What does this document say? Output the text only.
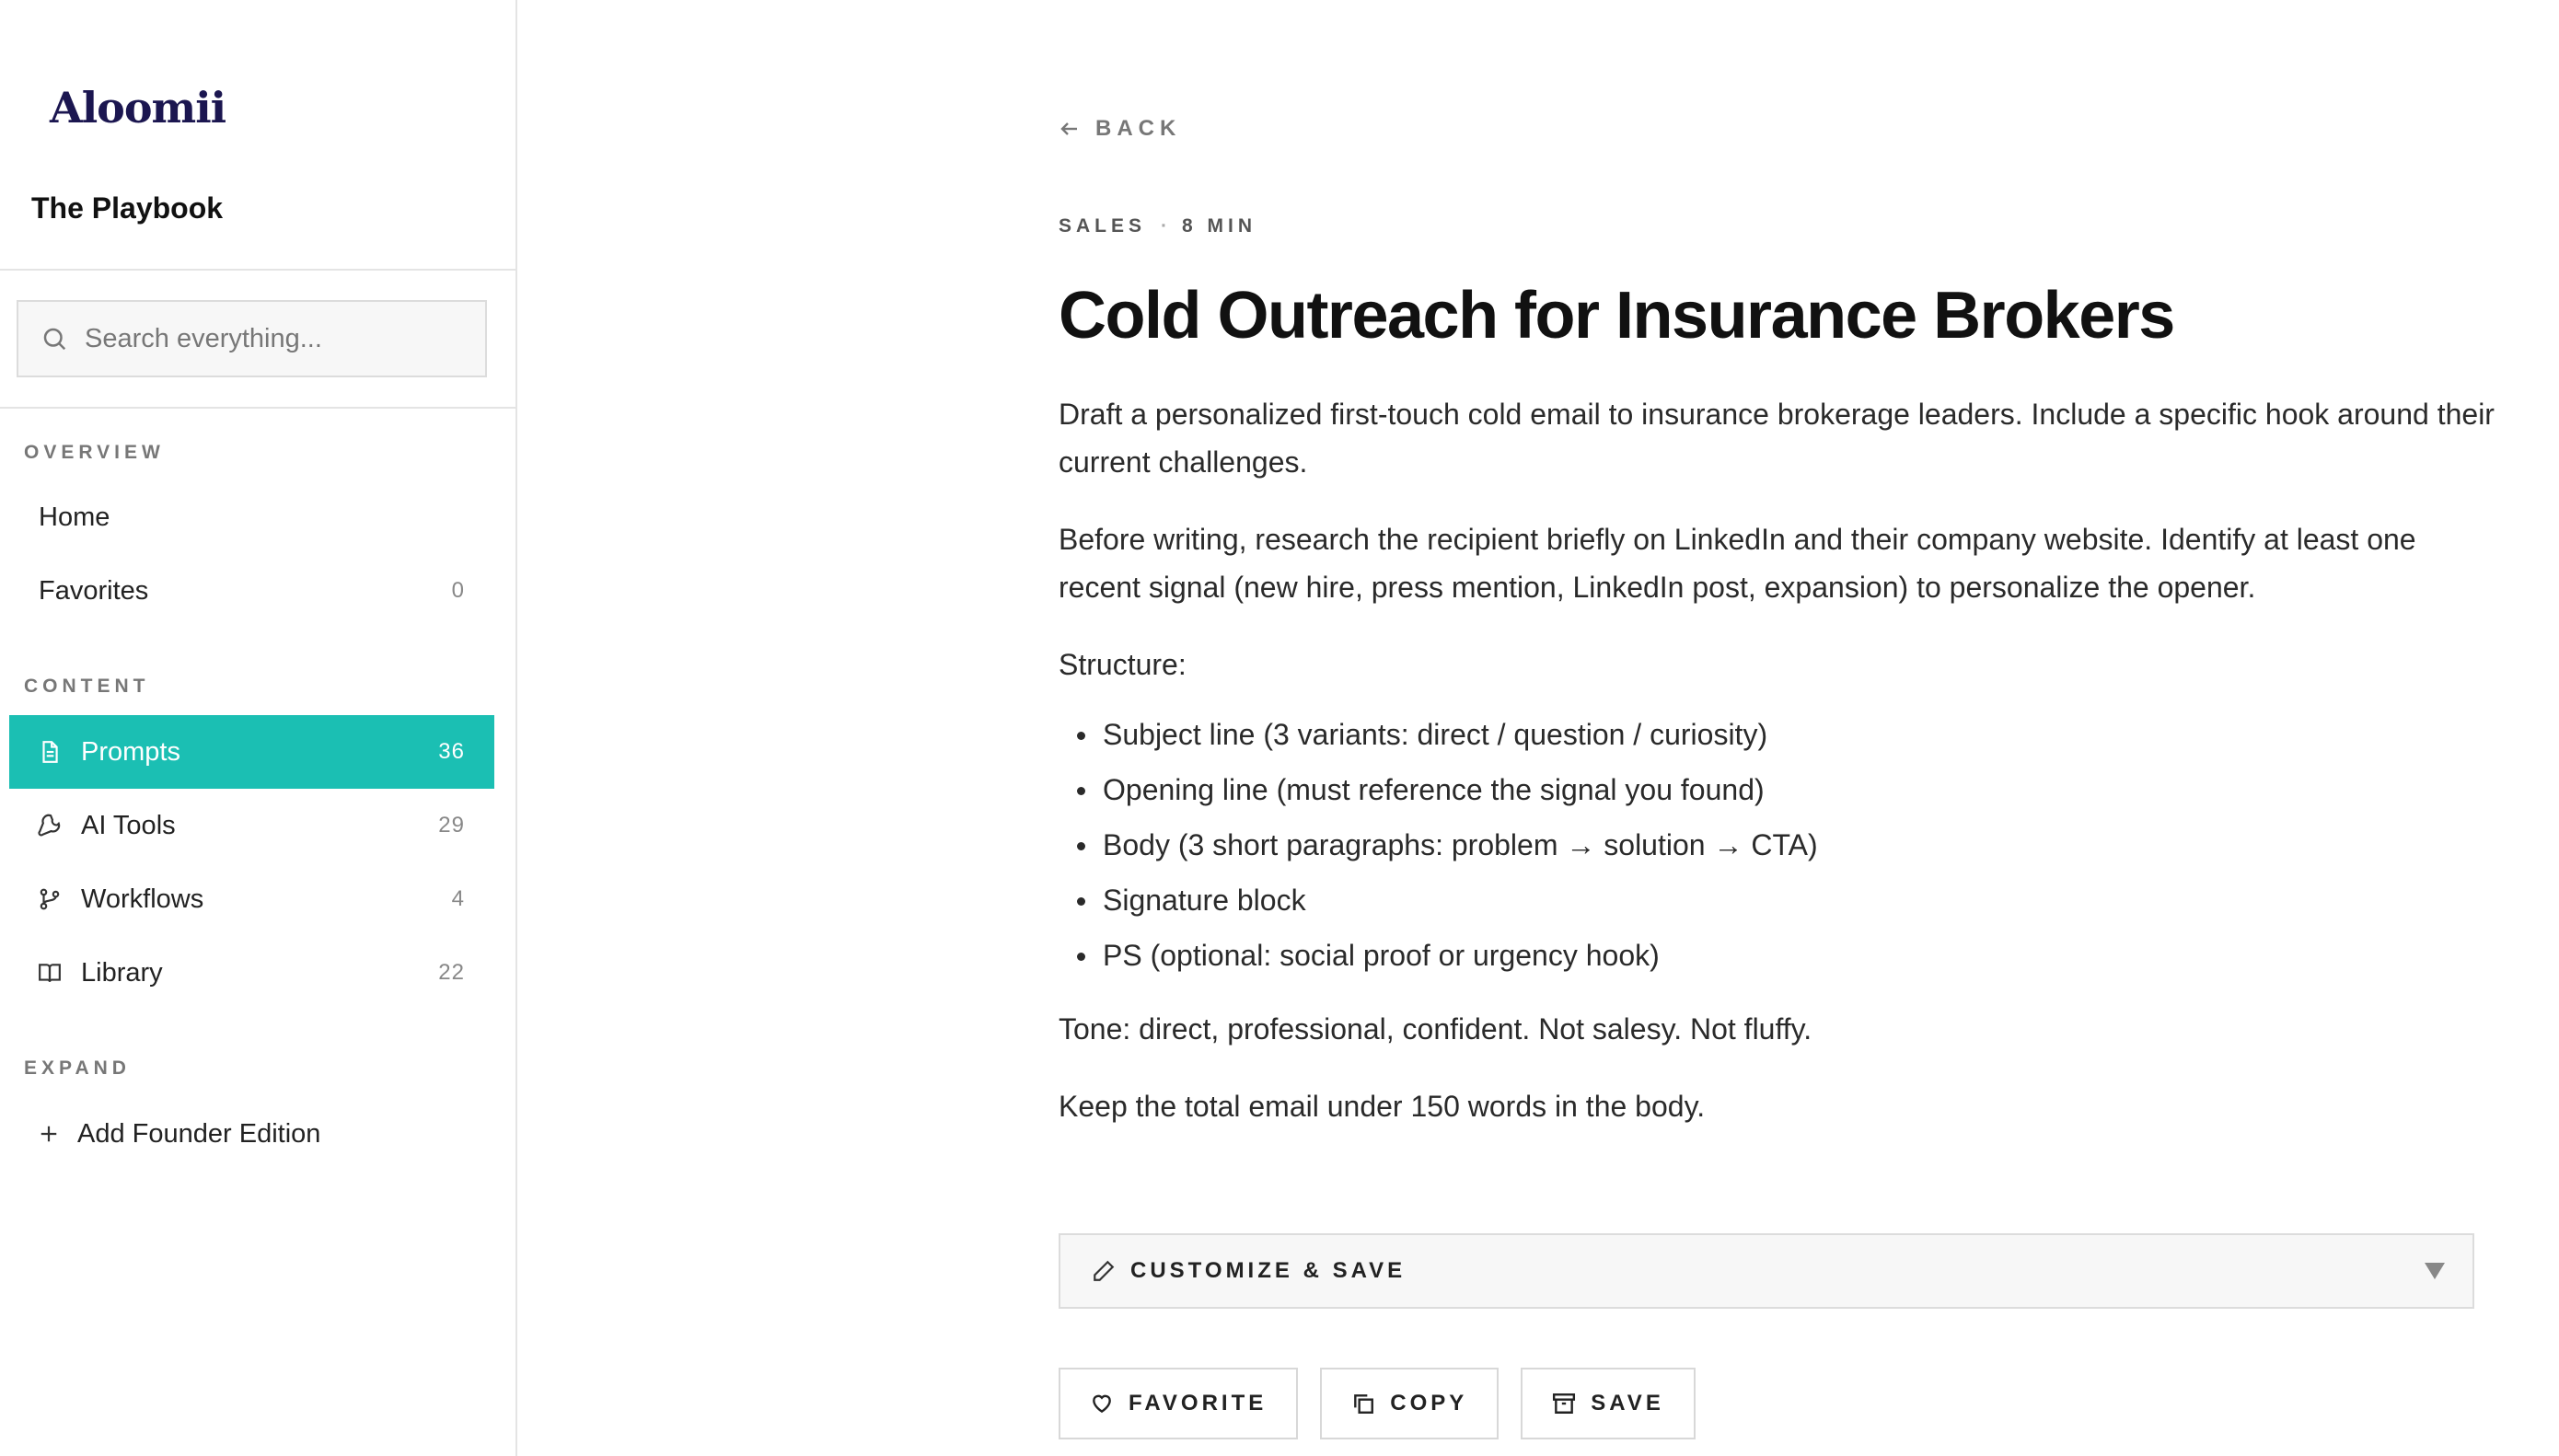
Aloomii
The Playbook
Search everything...
OVERVIEW
Home
Favorites	0
CONTENT
Prompts	36
AI Tools	29
Workflows	4
Library	22
EXPAND
Add Founder Edition
BACK
SALES · 8 MIN
Cold Outreach for Insurance Brokers

Draft a personalized first-touch cold email to insurance brokerage leaders. Include a specific hook around their current challenges.

Before writing, research the recipient briefly on LinkedIn and their company website. Identify at least one recent signal (new hire, press mention, LinkedIn post, expansion) to personalize the opener.

Structure:

Subject line (3 variants: direct / question / curiosity)
Opening line (must reference the signal you found)
Body (3 short paragraphs: problem → solution → CTA)
Signature block
PS (optional: social proof or urgency hook)

Tone: direct, professional, confident. Not salesy. Not fluffy.

Keep the total email under 150 words in the body.

CUSTOMIZE & SAVE
FAVORITE	COPY	SAVE
